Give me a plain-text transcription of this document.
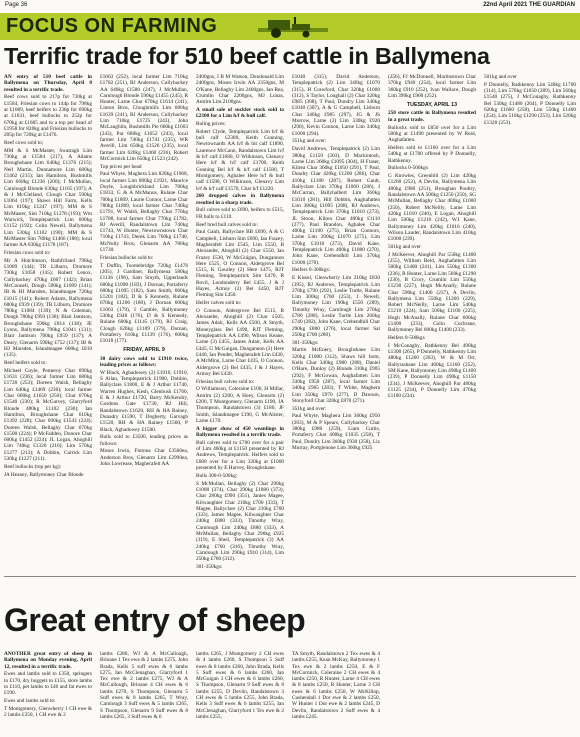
Page 36	22nd April 2021 THE GUARDIAN
FOCUS ON FARMING
Terrific trade for 510 beef cattle in Ballymena

AN entry of 510 beef cattle in Ballymena on Thursday, April 8 resulted in a terrific trade.

Beef cows sold to 217p for 730kg at £1584, Friesian cows to 144p for 798kg at £1089, beef heifers to 236p for 690kg at £1631, beef bullocks to 252p for 670kg at £1685 and to a top per head of £1958 for 820kg and Friesian bullocks to 205p for 720kg at £1476.

Beef cows sold to;

MM & S McMaster, Swatragh Lim 730kg at £1584 (217), A Adams Broughshane Lim 640kg £1376 (215); Neil Martin, Dunnamore Lim 680kg £1462 (215); Ian Hamilton, Bushmills Lim 660kg £1236 (200); I McMullan, Carnlough Blonde 630kg £1165 (197); A & J McClelland, Clough Char 590kg £1064 (197); Shaws Hill Farm, Kells Lim 610kg £1247 (197); MM & S McMaster, Sim 710kg £1278 (193); Wm Warwick, Templepatrick Lim 600kg £1152 (192); Colin Newell, Ballymena Lim 530kg £1102 (190); MM & S McMaster Sim 780kg £1466 (188); local farmer AA 630kg £1178 (187).

Friesian cows sold to:

Mr A Hutchinson, Rathfriland 798kg £1089 (144); TR Lilburn, Dromore 730kg £1058 (145); Robert Lenox, Cullybackey 470kg £667 (142); Brian McConnell, Dough 590kg £1099 (141); IB & HJ Marsden, Islandmagee 720kg £1015 (141); Robert Adams, Ballymena 600kg £939 (139); TR Lilburn, Dromore 780kg £1084 (139); N & Coleman, Dough 780kg £993 (138); Blair Jamison, Broughshane 590kg £814 (138); JE Lyons, Ballymena 790kg £1041 (131); Blair Jamison 700kg £959 (137); A Deary, Glenarm 590kg £752 (137); IB & HJ Marsden, Islandmagee 600kg £810 (135).

Beef heifers sold to:

Michael Coyle, Pomeroy Char 690kg £1631 (236); local farmer Lim 680kg £1720 (253); Doreen Walsh, Bellaghy Lim 640kg £1469 (230); local farmer Char 660kg £1650 (250); Char 670kg £1540 (230); R McGarvey, Glarryford Blonde 480kg £1102 (230); Ian Hamilton, Broughshane Char 610kg £1392 (228); Char 690kg £1543 (224); Doreen Walsh, Bellaghy Char 670kg £1500 (224); P McFadden, Donore Char 600kg £1452 (224); JL Logan, Ahoghill Lim 740kg £1320 (216); Lim 570kg £1277 (213); A Dobbin, Carrick Lim 530kg £1227 (211).

Beef bullocks (top per kg):

JA Heaney, Ballymoney Char Blonde

£1663 (252), local farmer Lim 710kg £1782 (251), RJ Anderson, Cullybackey AA 640kg £1580 (247), J McMullan, Carnlough Blonde 590kg £1455 (245), R Hunter, Larne Char 670kg £1614 (241), Linton Bros, Cloughmills Lim 680kg £1639 (241), RJ Anderson, Cullybackey Lim 710kg £1725 (243), John McLaughlin, Bushmills Pie 660kg £1603 (243), Par 680kg £1652 (243), local farmer Lim 740kg £1741 (235), WR Averill, Lim 650kg £1526 (235), local farmer Lim 620kg £1460 (236), Robert McCormick Lim 650kg £1523 (242).

Top prices per head

Paul Whyte, Maghera Lim 820kg £1968, local farmer Lim 800kg £1921, Maurice Doyle, Loughbrickland Lim 780kg £1833, G & A McManus, Rulane Char 700kg £1809, Laurie Connor, Larne Char 780kg £1809, local farmer Char 740kg £1791, W Walsh, Bellaghy Char 770kg £1788, local farmer Char 770kg £1782, RJ Averill, Randalstown Lim 740kg £1743, W Hunter, Newtownstown Char 710kg £1743, Derek Lim 760kg £1740, McNulty Bros, Glenarm AA 780kg £1730.

Friesian bullocks sold to:

T Duffin, Toomebridge 720kg £1476 (205), J Gardiner, Ballymena 580kg £1136 (196), Sam Smyth, Upperlands 600kg £1098 (183), J Dornan, Portaferry 600kg £1095 (182), Sam Smith, 660kg £1201 (182), D & S Kennedy, Rulane 670kg £1206 (180), J Dornan 600kg £1063 (179), I Gamble, Ballymoney 530kg £948 (176), D & S Kennedy, Rulane 600kg £1145 (179), RJ Craig, Clough 620kg £1109 (179), Dornan, Portaferry 610kg £1139 (176), 600kg £1018 (177).

FRIDAY, APRIL 9

30 dairy cows sold to £1910 twice, leading prices as follows:

W Black, Aghadowey (2) £1910, £1910, S Allan, Templepatrick £1900, Dobbin, Ballyclare £1800, E & J Arthur £1740, Warren Hughes, Kesh, Glenbush £1760, E & J Arthur £1720, Barry McKendry, Gordons Gate £1730, RJ Hill, Randalstown £1620, RH & HA Rainey, Dunadry £1590, T Dogherty, Garvagh £1520, RH & HA Rainey £1560, P Black, Aghadowey £1500.

Bulls sold to £3500, leading prices as follows:

Moses Irwin, Fintona Char £3500ea, Anderson Bros, Glenarm Lim £2990ea, John Lowrease, Magherafelt AA

2400gns, J B M Watson, Dundonald Lim 2400gns, Moses Irwin AA 2350gns, M O'Kane, Bellaghy Lim 2400gns, Ian Rea, Crumlin Char 2200gns, MJ Lunas, Antrim Lim 2100gns.

A small sale of suckler stock sold to £2300 for a Lim h/f & bull calf.

Ruling prices:

Robert Clyde, Templepatrick Lim h/f & bull calf £2300, Keith Gunning, Newtownards AA h/f & hit calf £1890, Laurence McCann, Randalstown Lim h/f & h/f calf £1680, O Wilkinson, Glenavy Here h/f & h/f calf £1700, Keith Gunning Bel h/f & h/f calf £1580, T Montgomery, Aghalee Here h/f & bull calf £1590, O Wilkinson, Glenavy Lim h/f & h/f calf £1570, Char h/f £1220.

260 dropped calves in Ballymena resulted in a sharp trade.

Bull calves sold to £690, heifers to £515, FR bulls to £110.

Beef bred bull calves sold to:

Paul Gault, Ballyclare BB £690, A & G Campbell, Lisburn Sim £690, Ian Frazey, Magherafelt Lim £545, Lim £550, B Alexander, Ahoghill (2) Char £550, Ian Frazey £530, W McGuigan, Dungannon Here £525, O Connon, Aldergrove Bel £515, K Gourley (2) Here £475, RJT Fleming, Templepatrick Sim £470, R Bovil, Londonderry Bel £455, J & J Hayes, Armoy (2) Bel £450, RJT Fleming Sim £450.

Heifer calves sold to:

O Connon, Aldergrove Bel £515, R Alexander, Ahoghill (2) Char £505, James Adair, Kells AA £500, A Smyth, Moneyglass Bel £490, RJT Fleming, Templepatrick AA £490, Wilson Keane, Larne (3) £455, James Adair, Kells AA £445, G McGuigan, Dungannon (2) Here £440, Ian Pender, Magherafelt Lim £430, A McMinn, Larne Char £435, O Connon, Aldergrove (2) Bel £435, J & J Hayes, Armoy Bel £430.

Friesian bull calves sold to:

O Williamson, Coleraine £100, H Millar, Antrim (2) £200, A Hoey, Glenarm (2) £200, T Montgomery, Glenarm £190, JA Thompson, Randalstown (3) £180, JF Smith, Islandmagee £190, G McAlister, Larne £170.

A bigger show of 450 weanlings in Ballymena resulted in a terrific trade.

Bull calves sold to £700 over for a pair of Lim 460kg at £1150 presented by RJ Andrews, Templepatrick. Heifers sold to £680 over for a Lim 320kg at £1000 presented by E Harvey, Broughshane.

Bulls 300-0-500kg:

S McMullan, Bellaghy (2) Char 290kg £1080 (374), Char 290kg £1080 (373), Char 280kg £990 (351), James Magee, Kilwaughter Char 210kg £700 (333), T Magee, Ballyclare (2) Char 210kg £700 (333), James Magee, Kilwaughter Char 240kg £800 (333), Timothy Wray, Carnlough Lim 240kg £880 (333), A McMullan, Bellaghy Char 290kg £925 (319), E Sheil, Templepatrick (3) AA 240kg £760 (316), Timothy Wray, Carnlough Lim 290kg £910 (314), Lim 250kg £780 (312).

301-350kgs:

£1040 (315), David Anderson, Templepatrick (2) Lim 340kg £1070 (315), H Crawford, Char 320kg £1000 (312), S Taylor, Loughall (2) Char 320kg £985 (308), T Paul, Dundry Lim 340kg £1040 (307), A & G Campbell, Lisburn Char 340kg £985 (297), JG & JS Morrow, Larne (2) Lim 330kg £920 (290), Kevin Connon, Larne Lim 340kg £1000 (294).

351kg and over:

David Andrews, Templepatrick (2) Lim 380kg £1150 (303), D Mackintosh, Larne Lim 360kg £1095 (304), H Fraser, Kilrea Char 360kg £1050 (291), T Paul, Dundry Char 420kg £1200 (286), Char 410kg £1180 (287), Robert Gault, Ballyclare Lim 370kg £1060 (286), J McCurran, Ballyhalbert Lim 360kg £1010 (281), Hill Dobbin, Aughafatten Lim 380kg £1095 (288), RJ Andrews, Templepatrick Lim 370kg £1010 (273), JL Stoon, Kilrea Char 400kg £1110 (277), Paul Brandon, Aghalee Char 400kg £1100 (275), Brian Connors, Larne Lim 390kg £1070 (275), Lim 370kg £1010 (273), David Kane, Templepatrick Lim 400kg £1080 (270), John Kane, Crebendhill Lim 370kg £1000 (270).

Heifers 0-300kgs:

E Kissel, Glenwherry Lim 210kg £830 (395), RJ Andrews, Templepatrick Lim 270kg £790 (292), Leslie Turtle, Rulane Lim 300kg £760 (253), J Newell, Ballymoney Lim 190kg £550 (289), Timothy Wray, Carnlough Lim 270kg £780 (288), Leslie Turtle Lim 260kg £740 (282), John Kane, Crebendhill Char 290kg £800 (276), local farmer Sal 250kg £700 (280).

301-350kgs:

Martin McEnery, Broughshane Lim 320kg £1000 (312), Shaws hill farm, Kells Char 340kg £980 (288), Daniel O'Hare, Dunloy (2) Blonde 310kg £905 (292), F McGowan, Aughafatten Lim 330kg £950 (287), local farmer Lim 340kg £905 (283), T White, Maghera Lim 350kg £970 (277), D Dawson, Stonyford Char 320kg £870 (271).

351kg and over:

Paul Whyte, Maghera Lim 360kg £950 (263), M & P Spears, Cullybackey Char 380kg £980 (259), Liam Curtis, Portaferry Char 400kg £1035 (258), T Paul, Dundry Lim 360kg £930 (258), Liz Murray, Portglenone Lim 360kg £925

(256), FJ McDonnell, Martinstown Char 370kg £940 (254), local farmer Lim 360kg £910 (252), Ivan Wallace, Dough Lim 390kg £960 (252).

TUESDAY, APRIL 13

250 store cattle in Ballymena resulted in a great trade.

Bullocks sold to £850 over for a Lim 500kg at £1490 presented by W Reid, Aughafatten.

Heifers sold to £1160 over for a Lim 540kg at £1700 offered by P Donnelly, Rathkenny.

Bullocks 0-500kgs

G Knowles, Greenhill (2) Lim 420kg £1260 (252), A Devlin, Ballymena Lim 400kg £980 (251), Broughan Poultry, Randalstown AA 500kg £1250 (250), SG McMullan, Bellaghy Char 400kg £1000 (250), Robert McNeilly, Larne Lim 420kg £1010 (240), E Logan, Ahoghill Lim 500kg £1210 (242), W.I Kane, Ballymoney Lim 420kg £1010 (240), Wilson Lauder, Randalstown Lim 410kg £1000 (239).

501kg and over

J McKeever, Ahoghill Par 550kg £1400 (255), William Reid, Aughafatten Lim 500kg £1400 (241), Lim 550kg £1300 (236), R Hunter, Larne Lim 560kg £1290 (230), B Crory, Crumlin Lim 550kg £1230 (227), Hugh McAnally, Rulane Char 590kg £1400 (237), A Devlin, Ballymena Lim 550kg £1260 (229), Robert McNeilly, Larne Lim 540kg £1210 (224), Sam 500kg £1100 (225), Hugh McAnally, Rulane Char 600kg £1400 (233), Colin Cochrane, Ballymoney Bel 600kg £1400 (233).

Heifers 0-500kgs

I McConaghy, Rathkenny Bel 490kg £1300 (265), P Donnelly, Rathkenny Lim 480kg £1260 (263), W & M Orr, Ballyrashane Lim 460kg £1160 (252), SM Kane, Ballymoney Lim 490kg £1400 (239), P Donnelly Lim 490kg £1150 (234), J McKeever, Ahoghill Par 480kg £1125 (234), P Donnelly Lim 470kg £1100 (234).

501kg and over

P Donnelly, Rathkenny Lim 540kg £1700 (314), Lim 570kg £1650 (289), Lim 560kg £1540 (275), J McConaghy, Rathkenny Bel 530kg £1480 (264), P Donnelly Lim 620kg £1600 (258), Lim 550kg £1400 (254), Lim 510kg £1290 (253), Lim 520kg £1320 (253).

Great entry of sheep

ANOTHER great entry of sheep in Ballymena on Monday evening, April 12, resulted in a terrific trade.

Ewes and lambs sold to £350, springers to £170, dry hoggets to £155, store lambs to £110, pet lambs to £46 and fat ewes to £190.

Ewes and lambs sold to:

T Montgomery, Glenwherry 1 CH ewe & 2 lambs £350, 1 CH ewe & 2

lambs £280, WJ & A McCullough, Brloane 1 Tex ewe & 2 lambs £275, John Brada, Kells 5 suff ewes & 6 lambs £275, Ian McClenaghan, Glarryford 1 Tex ewe & 2 lambs £275, WJ & A McCullough, Brloane 4 CH ewes & 6 lambs £270, S Thompson, Glenarm 5 Suff ewes & 8 lambs £265, T Wray, Carnlough 3 Suff ewes & 5 lambs £265, S Thompson, Glenarm 9 Suff ewes & 8 lambs £265, 3 Suff ewes & 6

lambs £265, J Montgomery 2 CH ewes & 4 lambs £260, S Thompson 5 Suff ewes & 8 lambs £260, John Brada, Kells 5 Suff ewes & 6 lambs £260, Ian McGuigan 3 CH ewes & 6 lambs £260, S Thompson, Glenarm 9 Suff ewes & 8 lambs £255, D Devlin, Randalstown 3 CH ewes & 5 lambs £255, John Brada, Kells 3 Suff ewes & 6 lambs £255, Ian McClenaghan, Glarryford 1 Tex ewe & 2 lambs £255,

TA Smyth, Randalstown 2 Tex ewes & 4 lambs £255, Kean McKay, Ballymoney 1 Tex ewe & 2 lambs £250, E & F McCormick, Coleraine 2 CH ewes & 4 lambs £250, R Hunter, Larne 4 CH ewes & 8 lambs £250, R Hunter, Larne 3 CH ewes & 6 lambs £250, W McKillop, Cushendall 1 Dor ewe & 2 lambs £250, W Hunter 1 Dor ewe & 2 lambs £245, D Devlin, Randalstown 2 Suff ewes & 4 lambs £245.
